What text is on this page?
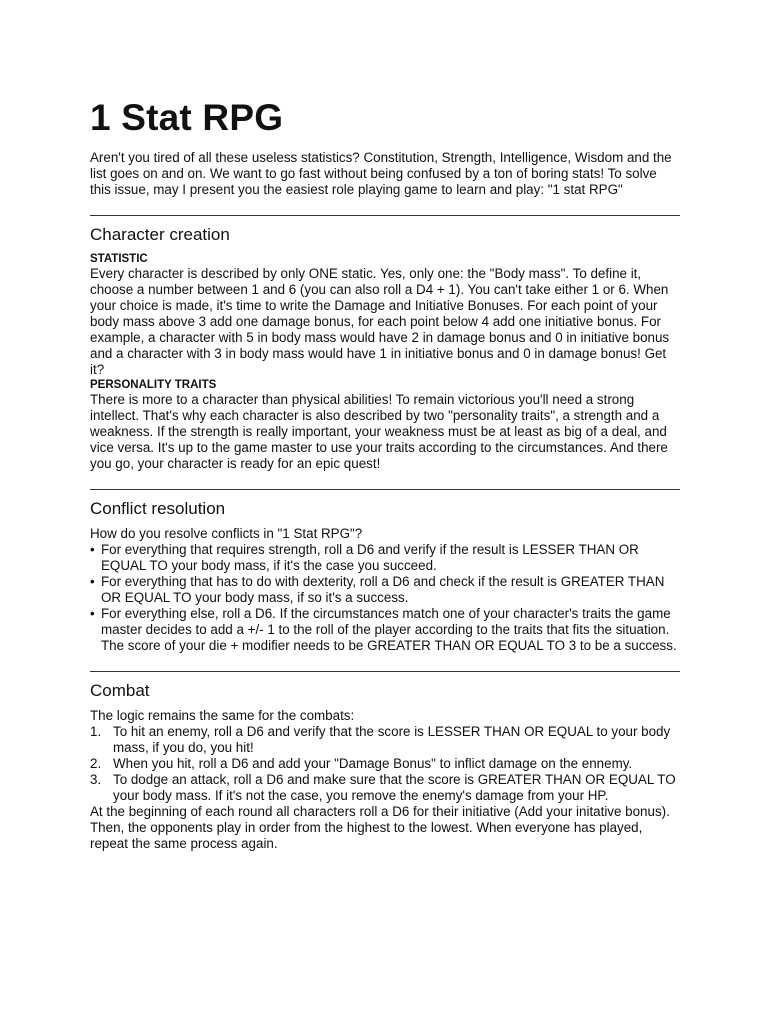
1 Stat RPG

Aren't you tired of all these useless statistics? Constitution, Strength, Intelligence, Wisdom and the list goes on and on. We want to go fast without being confused by a ton of boring stats! To solve this issue, may I present you the easiest role playing game to learn and play: "1 stat RPG"

Character creation
STATISTIC

Every character is described by only ONE static. Yes, only one: the "Body mass". To define it, choose a number between 1 and 6 (you can also roll a D4 + 1). You can't take either 1 or 6. When your choice is made, it's time to write the Damage and Initiative Bonuses. For each point of your body mass above 3 add one damage bonus, for each point below 4 add one initiative bonus. For example, a character with 5 in body mass would have 2 in damage bonus and 0 in initiative bonus and a character with 3 in body mass would have 1 in initiative bonus and 0 in damage bonus! Get it?

PERSONALITY TRAITS

There is more to a character than physical abilities! To remain victorious you'll need a strong intellect. That's why each character is also described by two "personality traits", a strength and a weakness. If the strength is really important, your weakness must be at least as big of a deal, and vice versa. It's up to the game master to use your traits according to the circumstances. And there you go, your character is ready for an epic quest!

Conflict resolution

How do you resolve conflicts in "1 Stat RPG"?

• For everything that requires strength, roll a D6 and verify if the result is LESSER THAN OR EQUAL TO your body mass, if it's the case you succeed.
• For everything that has to do with dexterity, roll a D6 and check if the result is GREATER THAN OR EQUAL TO your body mass, if so it's a success.
• For everything else, roll a D6. If the circumstances match one of your character's traits the game master decides to add a +/- 1 to the roll of the player according to the traits that fits the situation. The score of your die + modifier needs to be GREATER THAN OR EQUAL TO 3 to be a success.
Combat

The logic remains the same for the combats:

1. To hit an enemy, roll a D6 and verify that the score is LESSER THAN OR EQUAL to your body mass, if you do, you hit!
2. When you hit, roll a D6 and add your "Damage Bonus" to inflict damage on the ennemy.
3. To dodge an attack, roll a D6 and make sure that the score is GREATER THAN OR EQUAL TO your body mass. If it's not the case, you remove the enemy's damage from your HP.

At the beginning of each round all characters roll a D6 for their initiative (Add your initative bonus). Then, the opponents play in order from the highest to the lowest. When everyone has played, repeat the same process again.
